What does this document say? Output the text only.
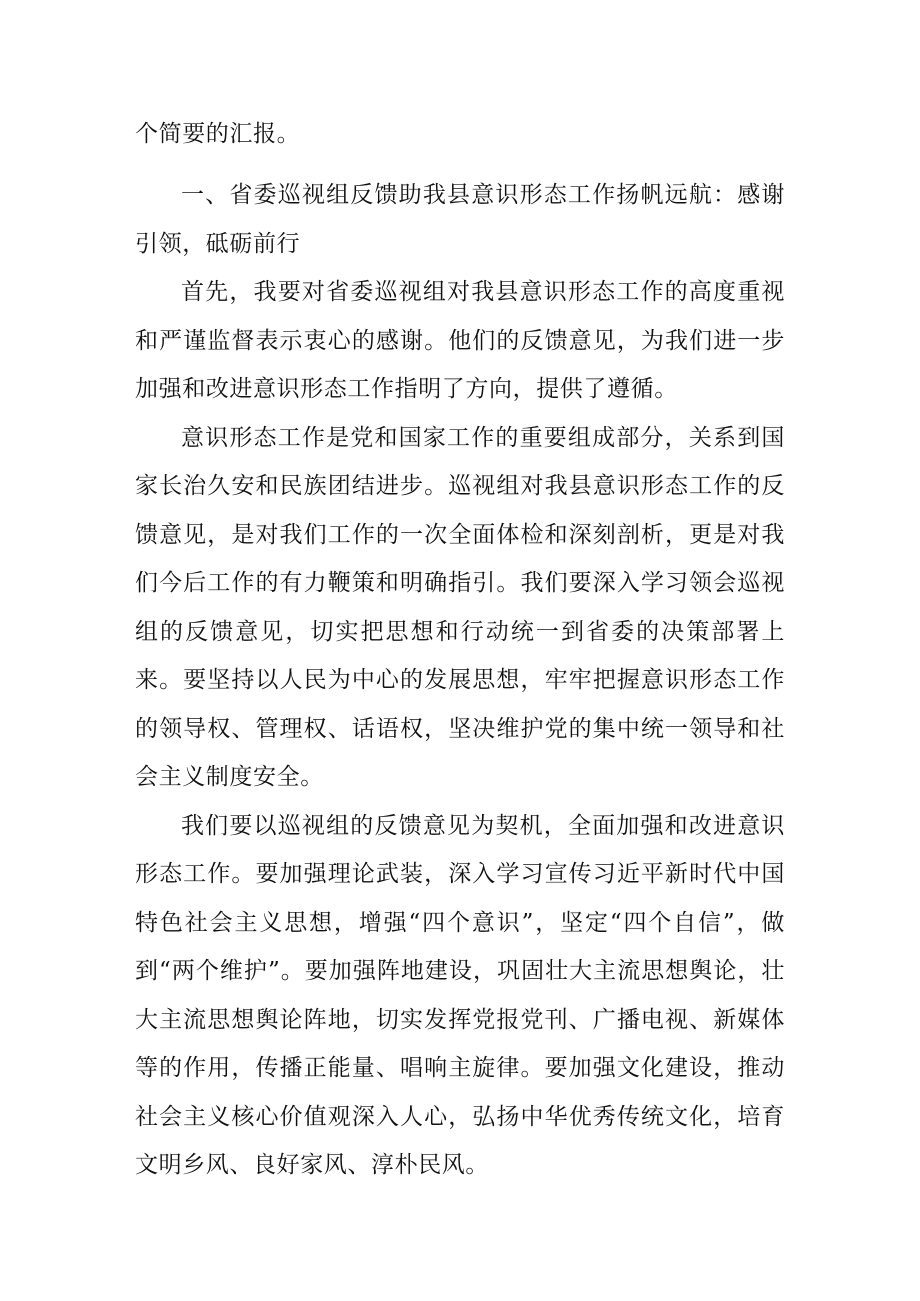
个简要的汇报。

一、省委巡视组反馈助我县意识形态工作扬帆远航：感谢引领，砥砺前行

首先，我要对省委巡视组对我县意识形态工作的高度重视和严谨监督表示衷心的感谢。他们的反馈意见，为我们进一步加强和改进意识形态工作指明了方向，提供了遵循。

意识形态工作是党和国家工作的重要组成部分，关系到国家长治久安和民族团结进步。巡视组对我县意识形态工作的反馈意见，是对我们工作的一次全面体检和深刻剖析，更是对我们今后工作的有力鞭策和明确指引。我们要深入学习领会巡视组的反馈意见，切实把思想和行动统一到省委的决策部署上来。要坚持以人民为中心的发展思想，牢牢把握意识形态工作的领导权、管理权、话语权，坚决维护党的集中统一领导和社会主义制度安全。

我们要以巡视组的反馈意见为契机，全面加强和改进意识形态工作。要加强理论武装，深入学习宣传习近平新时代中国特色社会主义思想，增强“四个意识”，坚定“四个自信”，做到“两个维护”。要加强阵地建设，巩固壮大主流思想舆论，壮大主流思想舆论阵地，切实发挥党报党刊、广播电视、新媒体等的作用，传播正能量、唱响主旋律。要加强文化建设，推动社会主义核心价值观深入人心，弘扬中华优秀传统文化，培育文明乡风、良好家风、淳朴民风。
